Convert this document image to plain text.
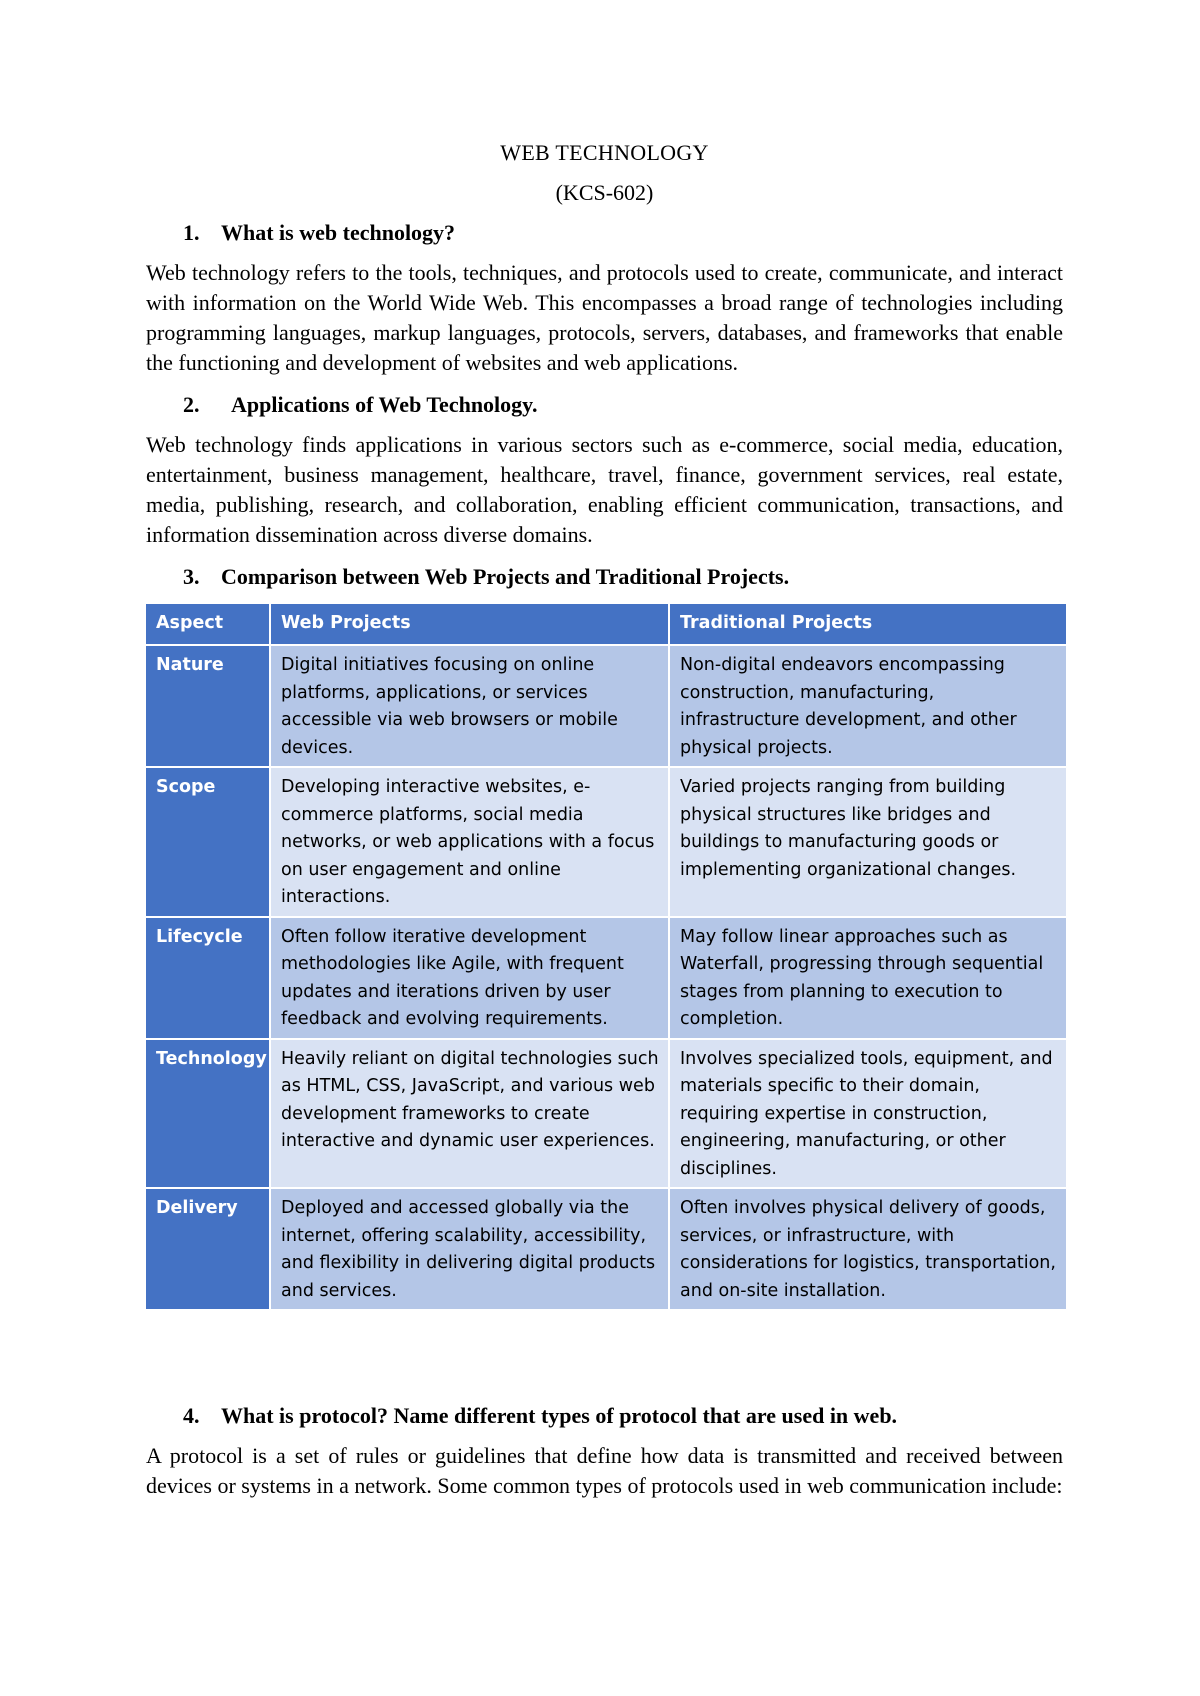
WEB TECHNOLOGY
(KCS-602)
1. What is web technology?

Web technology refers to the tools, techniques, and protocols used to create, communicate, and interact with information on the World Wide Web. This encompasses a broad range of technologies including programming languages, markup languages, protocols, servers, databases, and frameworks that enable the functioning and development of websites and web applications.

2.	Applications of Web Technology.

Web technology finds applications in various sectors such as e-commerce, social media, education, entertainment, business management, healthcare, travel, finance, government services, real estate, media, publishing, research, and collaboration, enabling efficient communication, transactions, and information dissemination across diverse domains.

3. Comparison between Web Projects and Traditional Projects.
Aspect	Web Projects	Traditional Projects
Nature	Digital initiatives focusing on online platforms, applications, or services accessible via web browsers or mobile devices.	Non-digital endeavors encompassing construction, manufacturing, infrastructure development, and other physical projects.
Scope	Developing interactive websites, e-commerce platforms, social media networks, or web applications with a focus on user engagement and online interactions.	Varied projects ranging from building physical structures like bridges and buildings to manufacturing goods or implementing organizational changes.
Lifecycle	Often follow iterative development methodologies like Agile, with frequent updates and iterations driven by user feedback and evolving requirements.	May follow linear approaches such as Waterfall, progressing through sequential stages from planning to execution to completion.
Technology	Heavily reliant on digital technologies such as HTML, CSS, JavaScript, and various web development frameworks to create interactive and dynamic user experiences.	Involves specialized tools, equipment, and materials specific to their domain, requiring expertise in construction, engineering, manufacturing, or other disciplines.
Delivery	Deployed and accessed globally via the internet, offering scalability, accessibility, and flexibility in delivering digital products and services.	Often involves physical delivery of goods, services, or infrastructure, with considerations for logistics, transportation, and on-site installation.
4. What is protocol? Name different types of protocol that are used in web.

A protocol is a set of rules or guidelines that define how data is transmitted and received between devices or systems in a network. Some common types of protocols used in web communication include:
